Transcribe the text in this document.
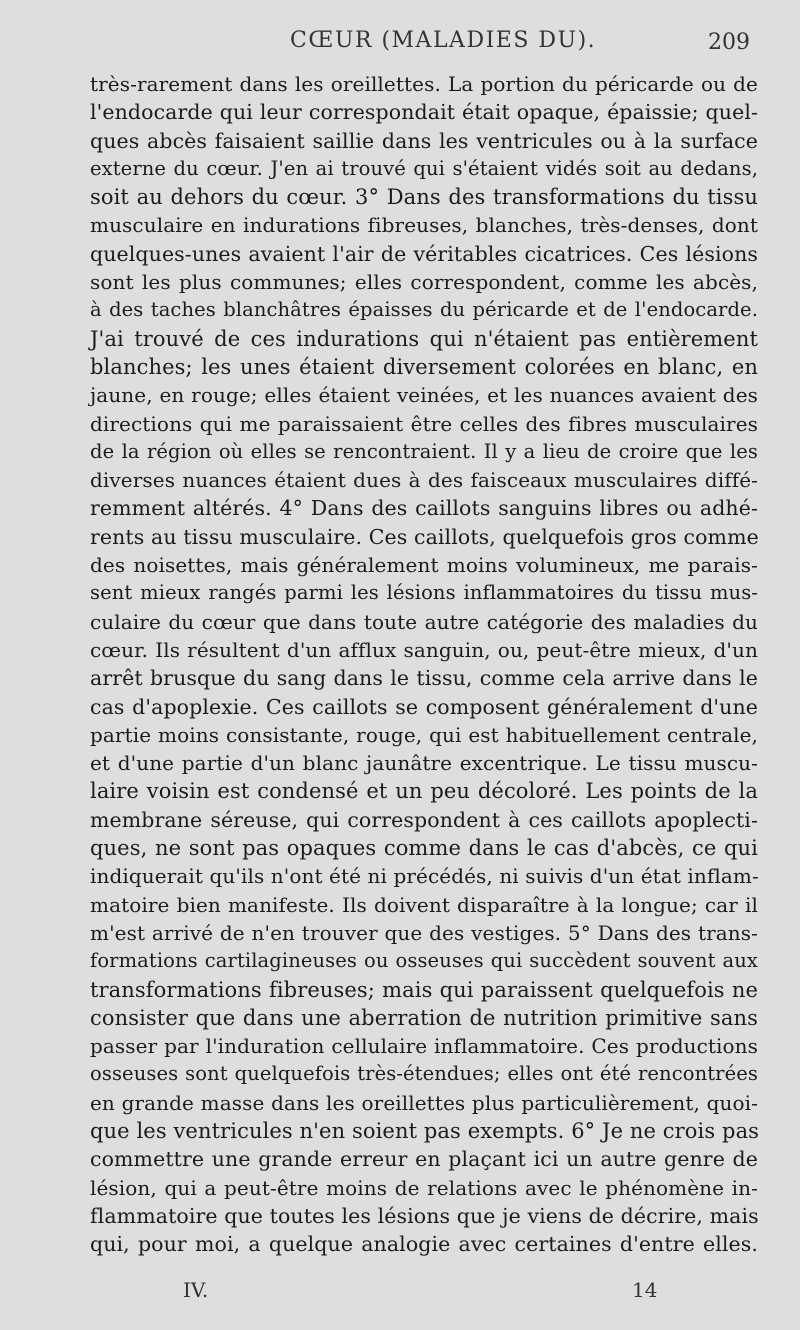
CŒUR (MALADIES DU).	209
très-rarement dans les oreillettes. La portion du péricarde ou de
l'endocarde qui leur correspondait était opaque, épaissie; quel-
ques abcès faisaient saillie dans les ventricules ou à la surface
externe du cœur. J'en ai trouvé qui s'étaient vidés soit au dedans,
soit au dehors du cœur. 3° Dans des transformations du tissu
musculaire en indurations fibreuses, blanches, très-denses, dont
quelques-unes avaient l'air de véritables cicatrices. Ces lésions
sont les plus communes; elles correspondent, comme les abcès,
à des taches blanchâtres épaisses du péricarde et de l'endocarde.
J'ai trouvé de ces indurations qui n'étaient pas entièrement
blanches; les unes étaient diversement colorées en blanc, en
jaune, en rouge; elles étaient veinées, et les nuances avaient des
directions qui me paraissaient être celles des fibres musculaires
de la région où elles se rencontraient. Il y a lieu de croire que les
diverses nuances étaient dues à des faisceaux musculaires diffé-
remment altérés. 4° Dans des caillots sanguins libres ou adhé-
rents au tissu musculaire. Ces caillots, quelquefois gros comme
des noisettes, mais généralement moins volumineux, me parais-
sent mieux rangés parmi les lésions inflammatoires du tissu mus-
culaire du cœur que dans toute autre catégorie des maladies du
cœur. Ils résultent d'un afflux sanguin, ou, peut-être mieux, d'un
arrêt brusque du sang dans le tissu, comme cela arrive dans le
cas d'apoplexie. Ces caillots se composent généralement d'une
partie moins consistante, rouge, qui est habituellement centrale,
et d'une partie d'un blanc jaunâtre excentrique. Le tissu muscu-
laire voisin est condensé et un peu décoloré. Les points de la
membrane séreuse, qui correspondent à ces caillots apoplecti-
ques, ne sont pas opaques comme dans le cas d'abcès, ce qui
indiquerait qu'ils n'ont été ni précédés, ni suivis d'un état inflam-
matoire bien manifeste. Ils doivent disparaître à la longue; car il
m'est arrivé de n'en trouver que des vestiges. 5° Dans des trans-
formations cartilagineuses ou osseuses qui succèdent souvent aux
transformations fibreuses; mais qui paraissent quelquefois ne
consister que dans une aberration de nutrition primitive sans
passer par l'induration cellulaire inflammatoire. Ces productions
osseuses sont quelquefois très-étendues; elles ont été rencontrées
en grande masse dans les oreillettes plus particulièrement, quoi-
que les ventricules n'en soient pas exempts. 6° Je ne crois pas
commettre une grande erreur en plaçant ici un autre genre de
lésion, qui a peut-être moins de relations avec le phénomène in-
flammatoire que toutes les lésions que je viens de décrire, mais
qui, pour moi, a quelque analogie avec certaines d'entre elles.
IV.	14
